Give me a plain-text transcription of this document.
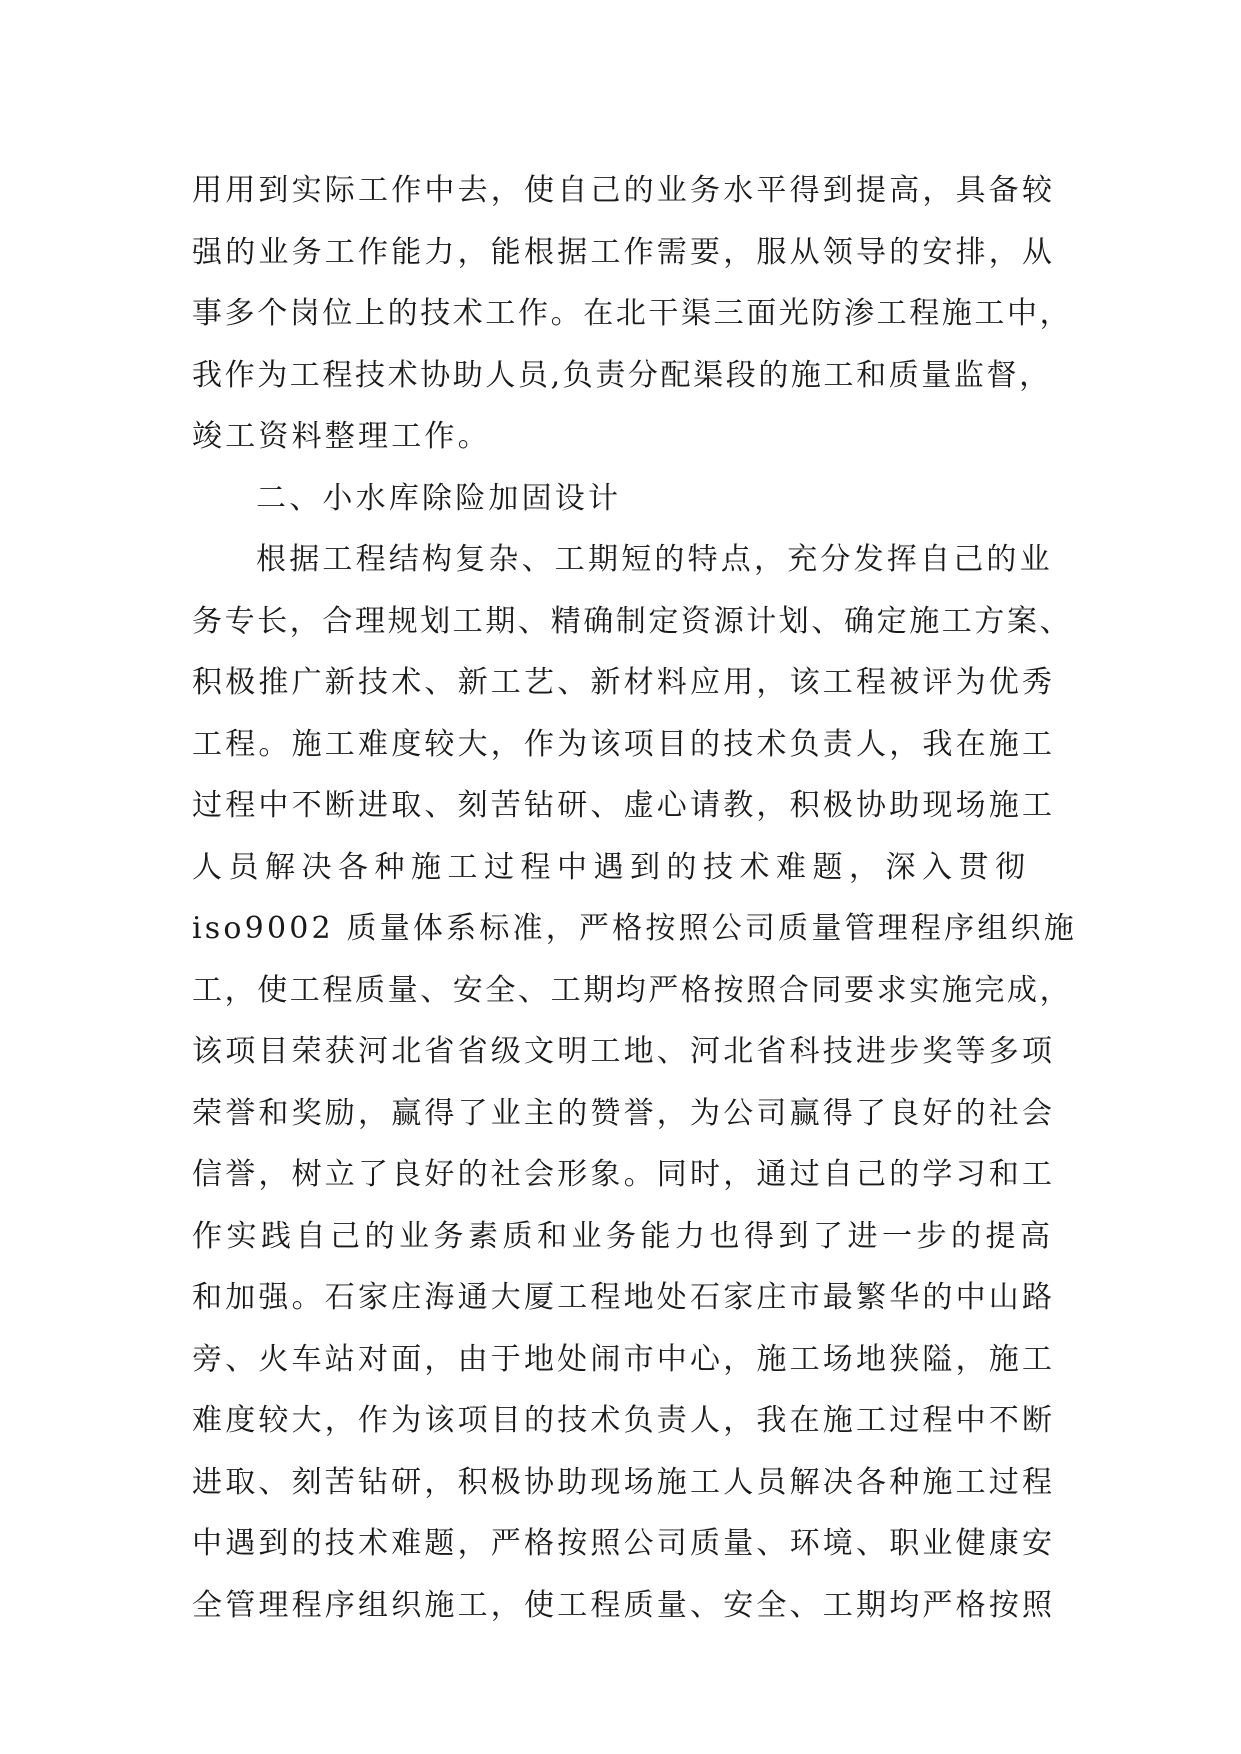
用用到实际工作中去，使自己的业务水平得到提高，具备较
强的业务工作能力，能根据工作需要，服从领导的安排，从
事多个岗位上的技术工作。在北干渠三面光防渗工程施工中，
我作为工程技术协助人员,负责分配渠段的施工和质量监督，
竣工资料整理工作。
二、小水库除险加固设计
根据工程结构复杂、工期短的特点，充分发挥自己的业
务专长，合理规划工期、精确制定资源计划、确定施工方案、
积极推广新技术、新工艺、新材料应用，该工程被评为优秀
工程。施工难度较大，作为该项目的技术负责人，我在施工
过程中不断进取、刻苦钻研、虚心请教，积极协助现场施工
人员解决各种施工过程中遇到的技术难题，深入贯彻
iso9002 质量体系标准，严格按照公司质量管理程序组织施
工，使工程质量、安全、工期均严格按照合同要求实施完成，
该项目荣获河北省省级文明工地、河北省科技进步奖等多项
荣誉和奖励，赢得了业主的赞誉，为公司赢得了良好的社会
信誉，树立了良好的社会形象。同时，通过自己的学习和工
作实践自己的业务素质和业务能力也得到了进一步的提高
和加强。石家庄海通大厦工程地处石家庄市最繁华的中山路
旁、火车站对面，由于地处闹市中心，施工场地狭隘，施工
难度较大，作为该项目的技术负责人，我在施工过程中不断
进取、刻苦钻研，积极协助现场施工人员解决各种施工过程
中遇到的技术难题，严格按照公司质量、环境、职业健康安
全管理程序组织施工，使工程质量、安全、工期均严格按照
